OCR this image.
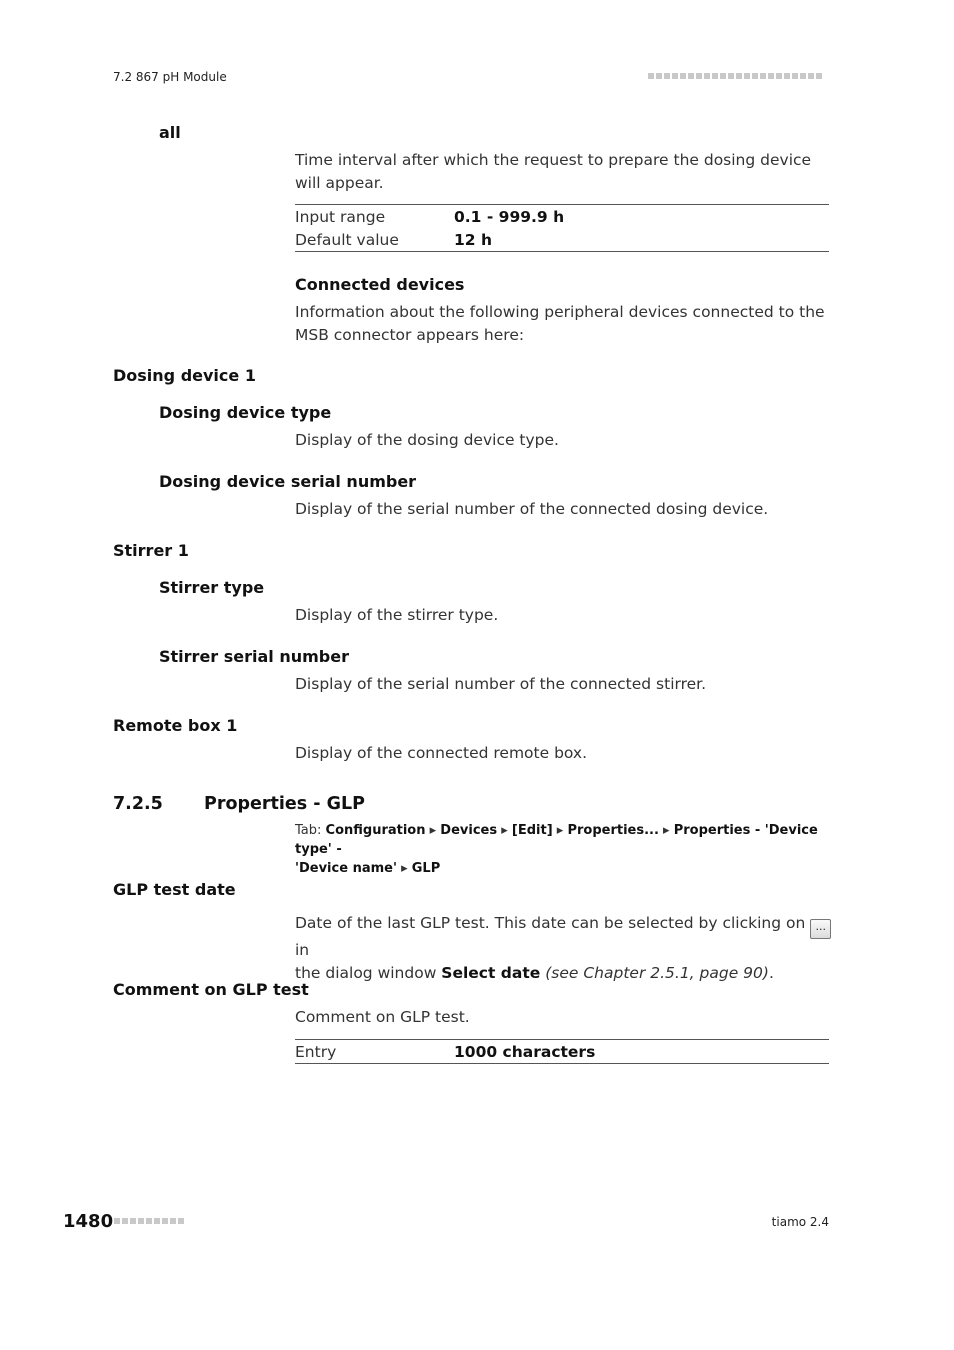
7.2 867 pH Module
all
Time interval after which the request to prepare the dosing device will appear.
Input range	0.1 - 999.9 h
Default value	12 h
Connected devices
Information about the following peripheral devices connected to the MSB connector appears here:
Dosing device 1
Dosing device type
Display of the dosing device type.
Dosing device serial number
Display of the serial number of the connected dosing device.
Stirrer 1
Stirrer type
Display of the stirrer type.
Stirrer serial number
Display of the serial number of the connected stirrer.
Remote box 1
Display of the connected remote box.
7.2.5 Properties - GLP
Tab: Configuration ▸ Devices ▸ [Edit] ▸ Properties... ▸ Properties - 'Device type' -
'Device name' ▸ GLP
GLP test date
Date of the last GLP test. This date can be selected by clicking on ... in
the dialog window Select date (see Chapter 2.5.1, page 90).
Comment on GLP test
Comment on GLP test.
Entry	1000 characters
1480	tiamo 2.4
